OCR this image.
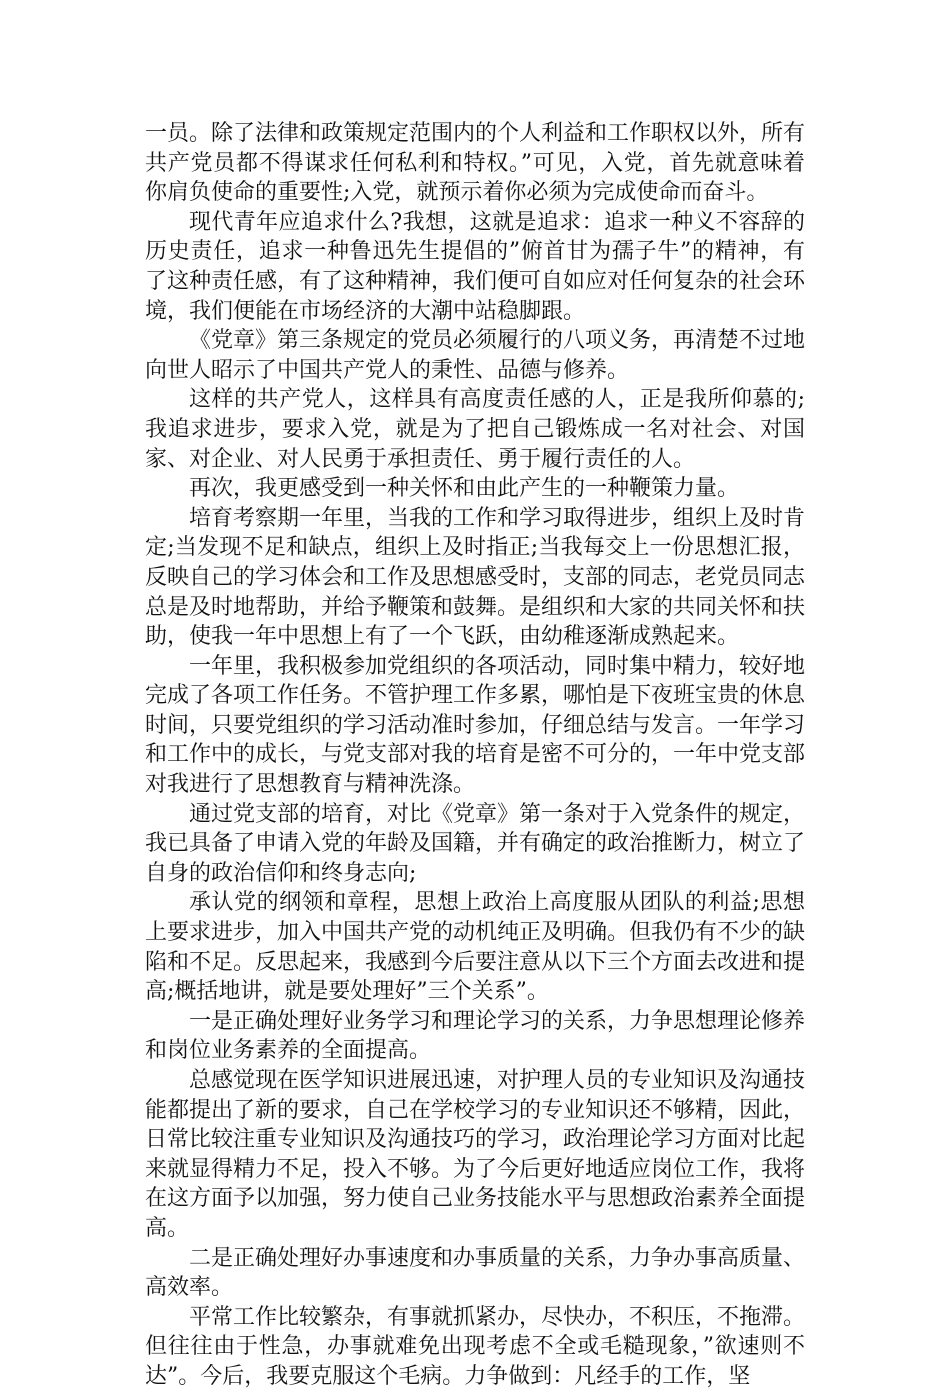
一员。除了法律和政策规定范围内的个人利益和工作职权以外，所有共产党员都不得谋求任何私利和特权。”可见，入党，首先就意味着你肩负使命的重要性;入党，就预示着你必须为完成使命而奋斗。

现代青年应追求什么?我想，这就是追求：追求一种义不容辞的历史责任，追求一种鲁迅先生提倡的”俯首甘为孺子牛”的精神，有了这种责任感，有了这种精神，我们便可自如应对任何复杂的社会环境，我们便能在市场经济的大潮中站稳脚跟。

《党章》第三条规定的党员必须履行的八项义务，再清楚不过地向世人昭示了中国共产党人的秉性、品德与修养。

这样的共产党人，这样具有高度责任感的人，正是我所仰慕的;我追求进步，要求入党，就是为了把自己锻炼成一名对社会、对国家、对企业、对人民勇于承担责任、勇于履行责任的人。

再次，我更感受到一种关怀和由此产生的一种鞭策力量。

培育考察期一年里，当我的工作和学习取得进步，组织上及时肯定;当发现不足和缺点，组织上及时指正;当我每交上一份思想汇报，反映自己的学习体会和工作及思想感受时，支部的同志，老党员同志总是及时地帮助，并给予鞭策和鼓舞。是组织和大家的共同关怀和扶助，使我一年中思想上有了一个飞跃，由幼稚逐渐成熟起来。

一年里，我积极参加党组织的各项活动，同时集中精力，较好地完成了各项工作任务。不管护理工作多累，哪怕是下夜班宝贵的休息时间，只要党组织的学习活动准时参加，仔细总结与发言。一年学习和工作中的成长，与党支部对我的培育是密不可分的，一年中党支部对我进行了思想教育与精神洗涤。

通过党支部的培育，对比《党章》第一条对于入党条件的规定，我已具备了申请入党的年龄及国籍，并有确定的政治推断力，树立了自身的政治信仰和终身志向;

承认党的纲领和章程，思想上政治上高度服从团队的利益;思想上要求进步，加入中国共产党的动机纯正及明确。但我仍有不少的缺陷和不足。反思起来，我感到今后要注意从以下三个方面去改进和提高;概括地讲，就是要处理好”三个关系”。

一是正确处理好业务学习和理论学习的关系，力争思想理论修养和岗位业务素养的全面提高。

总感觉现在医学知识进展迅速，对护理人员的专业知识及沟通技能都提出了新的要求，自己在学校学习的专业知识还不够精，因此，日常比较注重专业知识及沟通技巧的学习，政治理论学习方面对比起来就显得精力不足，投入不够。为了今后更好地适应岗位工作，我将在这方面予以加强，努力使自己业务技能水平与思想政治素养全面提高。

二是正确处理好办事速度和办事质量的关系，力争办事高质量、高效率。

平常工作比较繁杂，有事就抓紧办，尽快办，不积压，不拖滞。但往往由于性急，办事就难免出现考虑不全或毛糙现象，”欲速则不达”。今后，我要克服这个毛病。力争做到：凡经手的工作，坚
